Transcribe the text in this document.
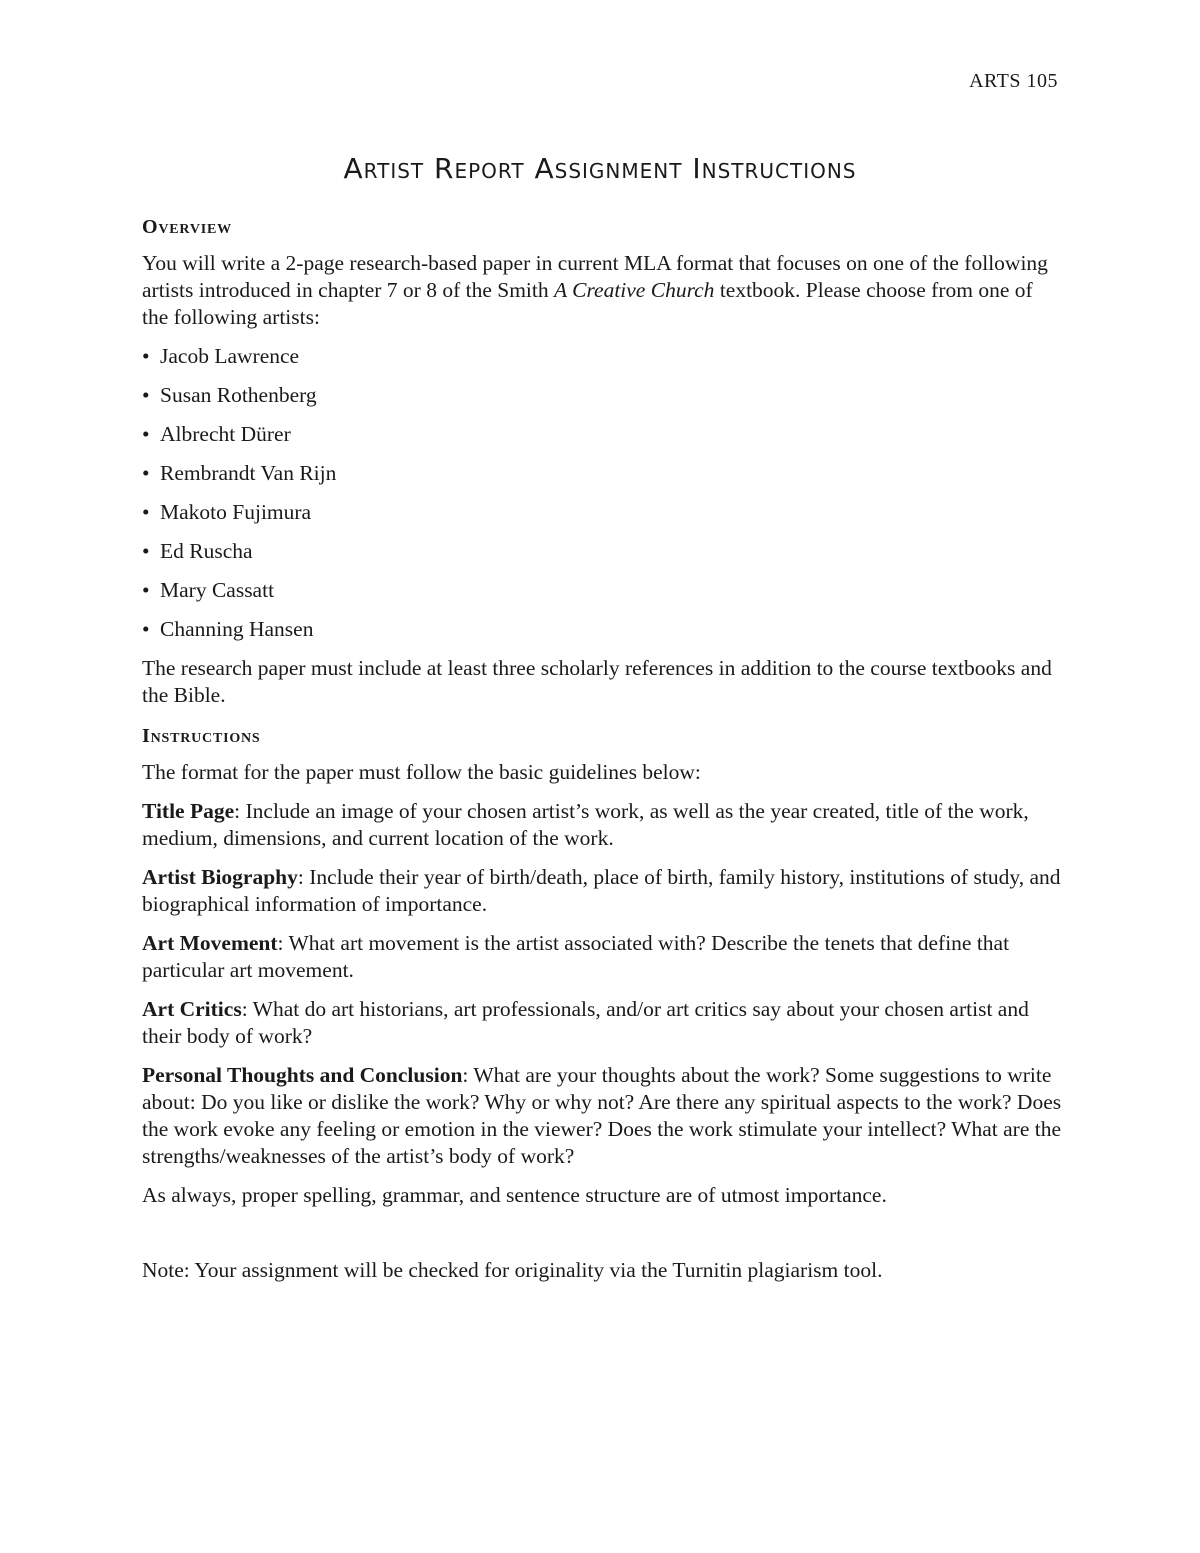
ARTS 105
Artist Report Assignment Instructions
Overview

You will write a 2-page research-based paper in current MLA format that focuses on one of the following artists introduced in chapter 7 or 8 of the Smith A Creative Church textbook. Please choose from one of the following artists:

• Jacob Lawrence
• Susan Rothenberg
• Albrecht Dürer
• Rembrandt Van Rijn
• Makoto Fujimura
• Ed Ruscha
• Mary Cassatt
• Channing Hansen

The research paper must include at least three scholarly references in addition to the course textbooks and the Bible.

Instructions

The format for the paper must follow the basic guidelines below:

Title Page: Include an image of your chosen artist’s work, as well as the year created, title of the work, medium, dimensions, and current location of the work.

Artist Biography: Include their year of birth/death, place of birth, family history, institutions of study, and biographical information of importance.

Art Movement: What art movement is the artist associated with? Describe the tenets that define that particular art movement.

Art Critics: What do art historians, art professionals, and/or art critics say about your chosen artist and their body of work?

Personal Thoughts and Conclusion: What are your thoughts about the work? Some suggestions to write about: Do you like or dislike the work? Why or why not? Are there any spiritual aspects to the work? Does the work evoke any feeling or emotion in the viewer? Does the work stimulate your intellect? What are the strengths/weaknesses of the artist’s body of work?

As always, proper spelling, grammar, and sentence structure are of utmost importance.

Note: Your assignment will be checked for originality via the Turnitin plagiarism tool.
